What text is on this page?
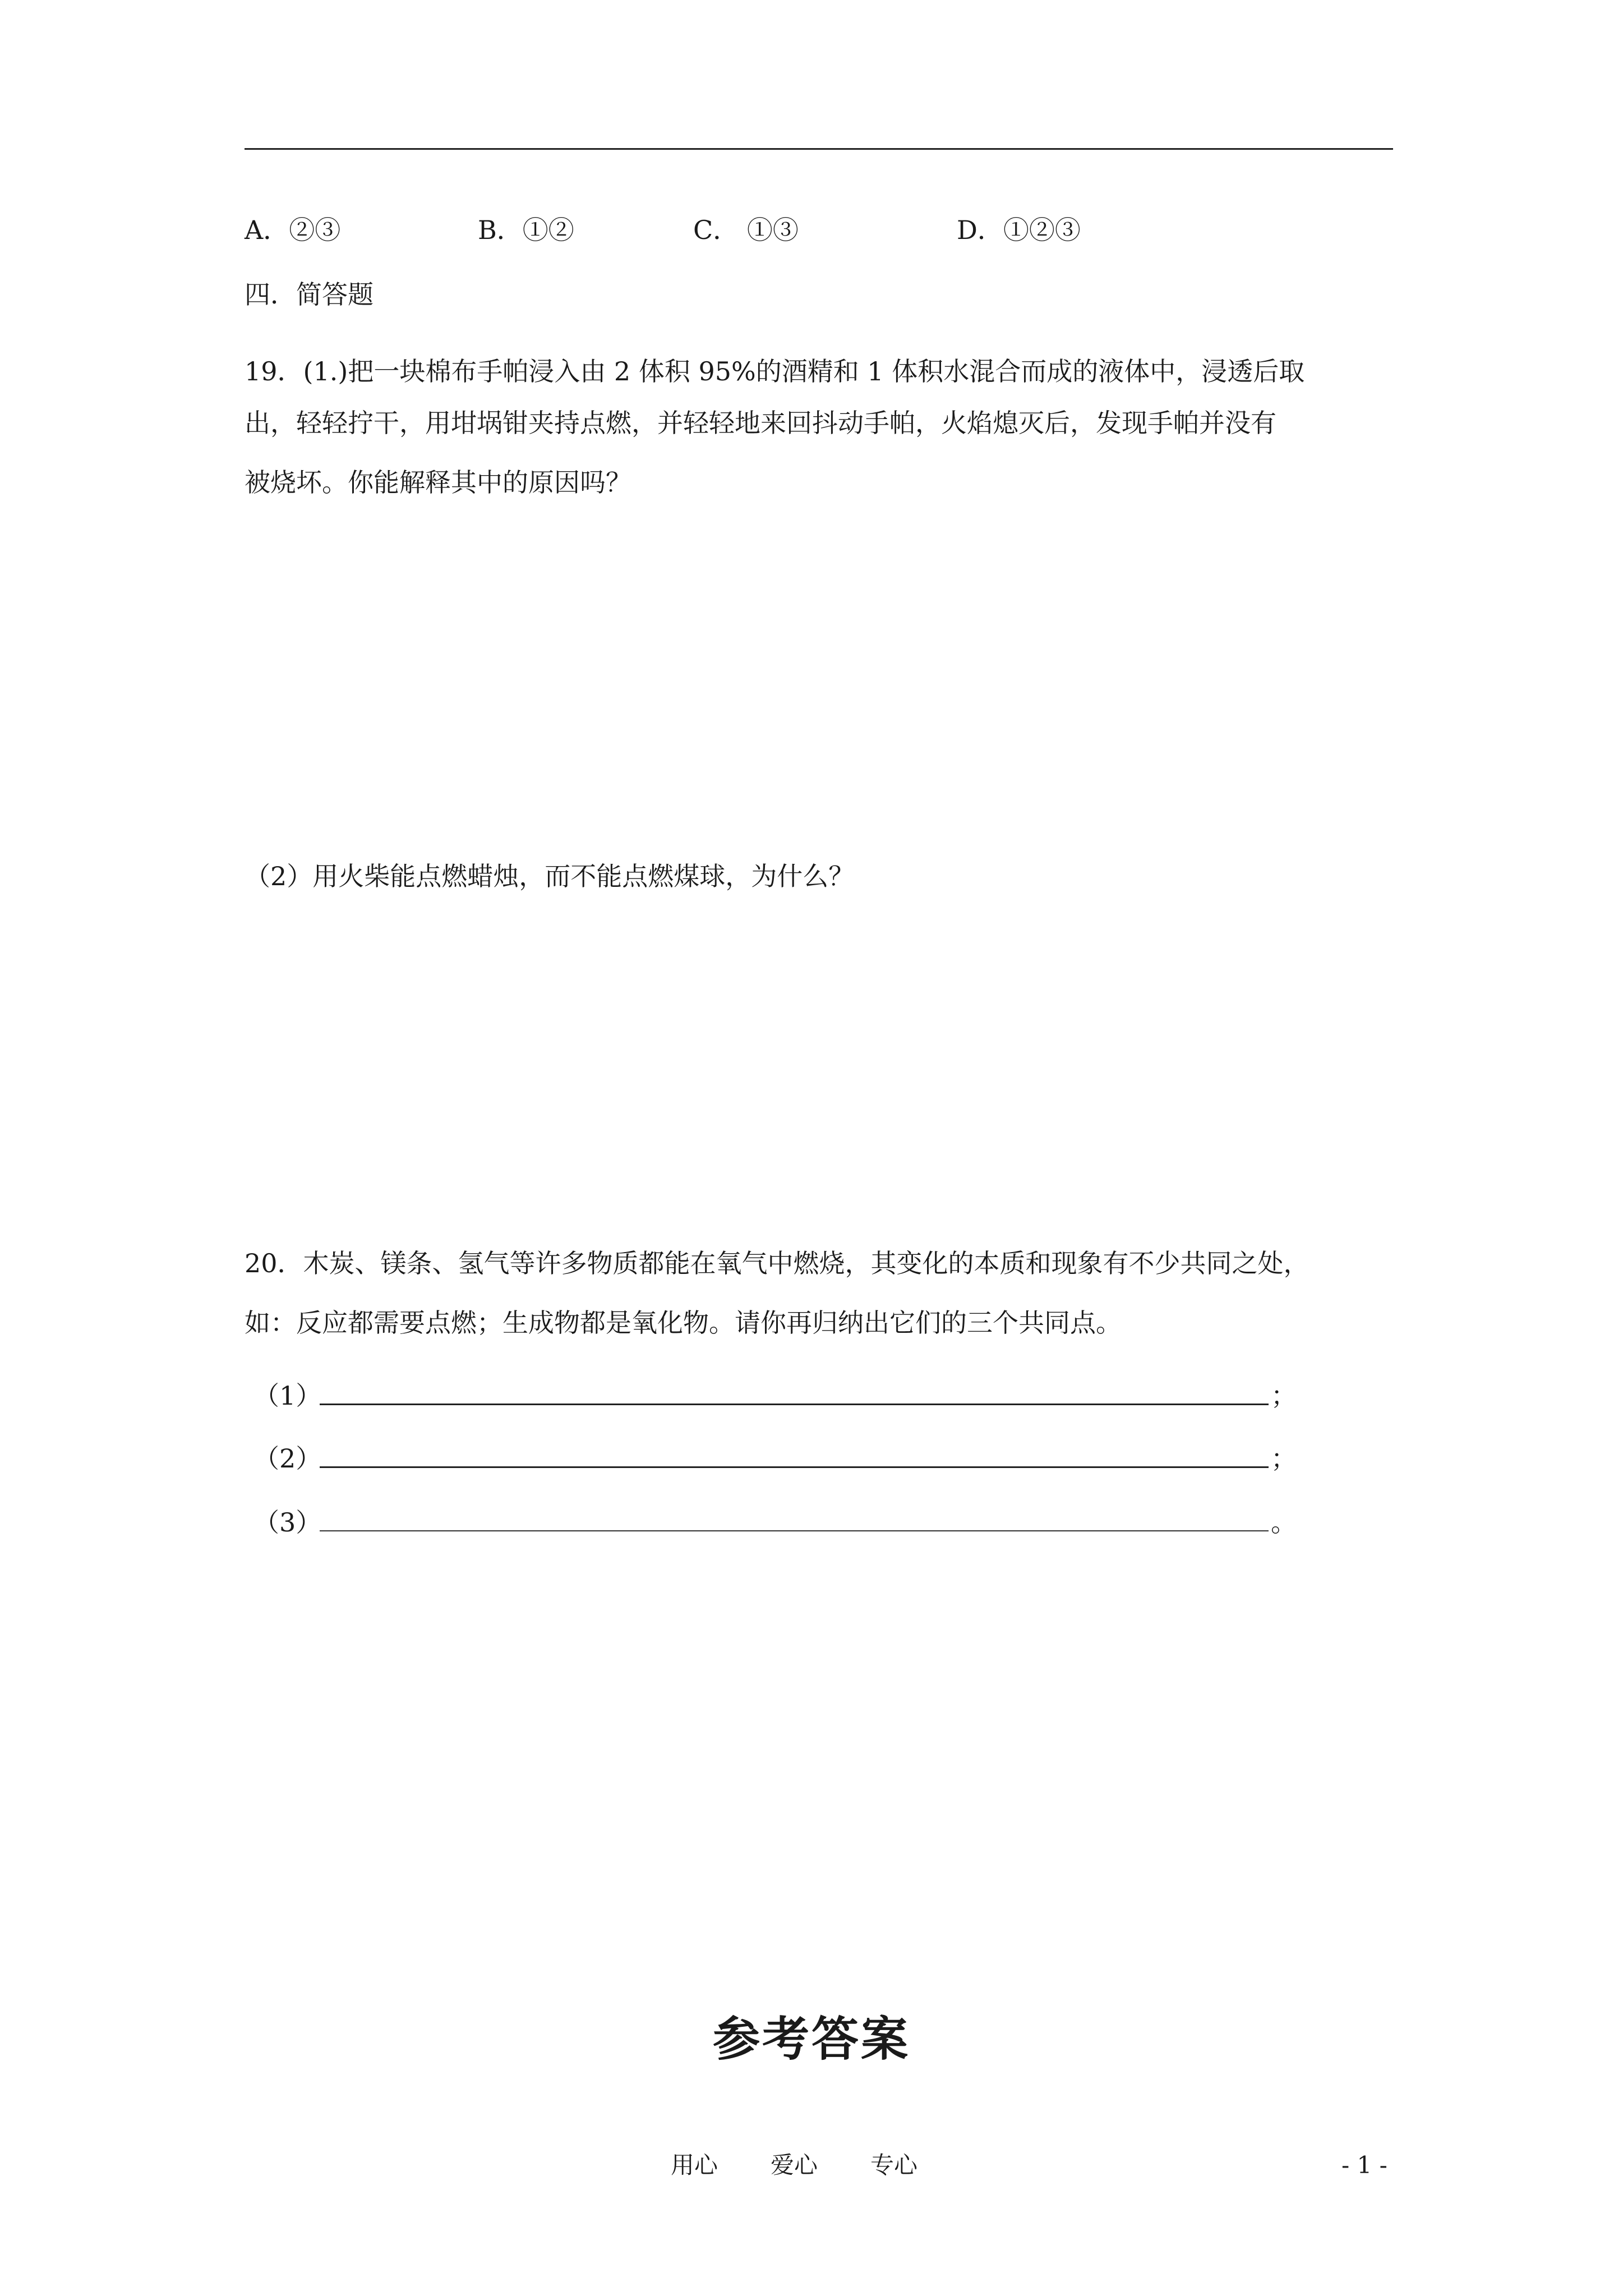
A．②③	B．①②	C． ①③	D．①②③
四．简答题
19．(1.)把一块棉布手帕浸入由 2 体积 95%的酒精和 1 体积水混合而成的液体中，浸透后取
出，轻轻拧干，用坩埚钳夹持点燃，并轻轻地来回抖动手帕，火焰熄灭后，发现手帕并没有
被烧坏。你能解释其中的原因吗？
（2）用火柴能点燃蜡烛，而不能点燃煤球，为什么？
20．木炭、镁条、氢气等许多物质都能在氧气中燃烧，其变化的本质和现象有不少共同之处，
如：反应都需要点燃；生成物都是氧化物。请你再归纳出它们的三个共同点。
（1）	；
（2）	；
（3）	。
参考答案
用心 爱心 专心	- 1 -
